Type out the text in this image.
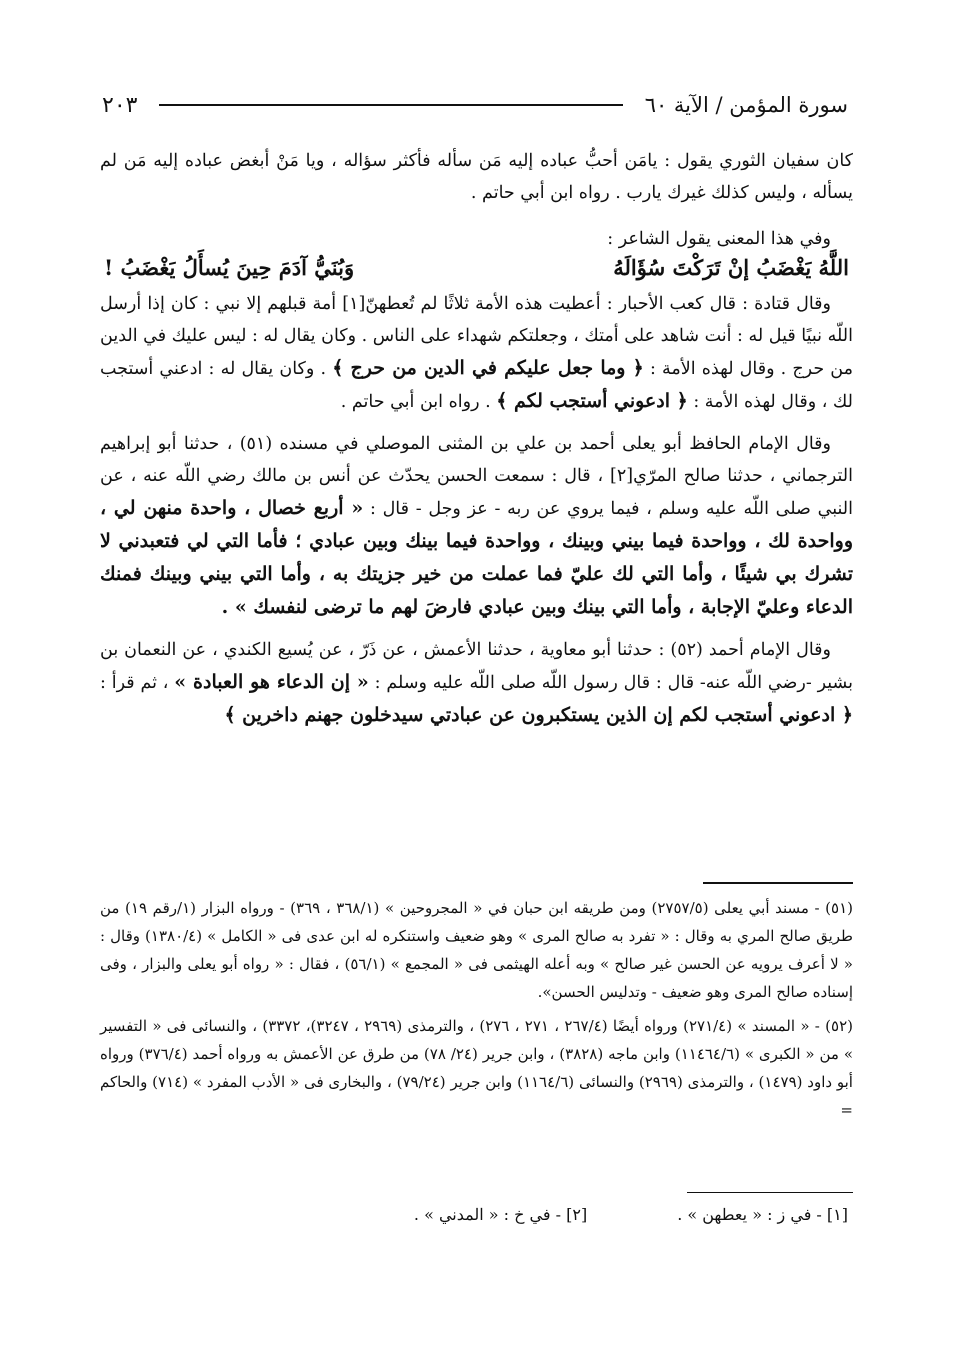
سورة المؤمن / الآية ٦٠
٢٠٣

كان سفيان الثوري يقول : يامَن أحبُّ عباده إليه مَن سأله فأكثر سؤاله ، ويا مَنْ أبغض عباده إليه مَن لم يسأله ، وليس كذلك غيرك يارب . رواه ابن أبي حاتم .

وفي هذا المعنى يقول الشاعر :

اللَّهُ يَغْضَبُ إنْ تَرَكْتَ سُؤَالَهُ
وَبُنَيُّ آدَمَ حِينَ يُسأَلُ يَغْضَبُ !

وقال قتادة : قال كعب الأحبار : أعطيت هذه الأمة ثلاثًا لم تُعطهنّ[١] أمة قبلهم إلا نبي : كان إذا أرسل اللّه نبيًا قيل له : أنت شاهد على أمتك ، وجعلتكم شهداء على الناس . وكان يقال له : ليس عليك في الدين من حرج . وقال لهذه الأمة : ﴿ وما جعل عليكم في الدين من حرج ﴾ . وكان يقال له : ادعني أستجب لك ، وقال لهذه الأمة : ﴿ ادعوني أستجب لكم ﴾ . رواه ابن أبي حاتم .

وقال الإمام الحافظ أبو يعلى أحمد بن علي بن المثنى الموصلي في مسنده (٥١) ، حدثنا أبو إبراهيم الترجماني ، حدثنا صالح المرّي[٢] ، قال : سمعت الحسن يحدّث عن أنس بن مالك رضي اللّه عنه ، عن النبي صلى اللّه عليه وسلم ، فيما يروي عن ربه - عز وجل - قال : « أربع خصال ، واحدة منهن لي ، وواحدة لك ، وواحدة فيما بيني وبينك ، وواحدة فيما بينك وبين عبادي ؛ فأما التي لي فتعبدني لا تشرك بي شيئًا ، وأما التي لك عليّ فما عملت من خير جزيتك به ، وأما التي بيني وبينك فمنك الدعاء وعليّ الإجابة ، وأما التي بينك وبين عبادي فارضَ لهم ما ترضى لنفسك » .

وقال الإمام أحمد (٥٢) : حدثنا أبو معاوية ، حدثنا الأعمش ، عن ذَرّ ، عن يُسيع الكندي ، عن النعمان بن بشير -رضي اللّه عنه- قال : قال رسول اللّه صلى اللّه عليه وسلم : « إن الدعاء هو العبادة » ، ثم قرأ : ﴿ ادعوني أستجب لكم إن الذين يستكبرون عن عبادتي سيدخلون جهنم داخرين ﴾

(٥١) - مسند أبي يعلى (٢٧٥٧/٥) ومن طريقه ابن حبان في « المجروحين » (٣٦٨/١ ، ٣٦٩) - ورواه البزار (١/رقم ١٩) من طريق صالح المري به وقال : « تفرد به صالح المرى » وهو ضعيف واستنكره له ابن عدى فى « الكامل » (١٣٨٠/٤) وقال : « لا أعرف يرويه عن الحسن غير صالح » وبه أعله الهيثمى فى « المجمع » (٥٦/١) ، فقال : « رواه أبو يعلى والبزار ، وفى إسناده صالح المرى وهو ضعيف - وتدليس الحسن».

(٥٢) - « المسند » (٢٧١/٤) ورواه أيضًا (٢٦٧/٤ ، ٢٧١ ، ٢٧٦) ، والترمذى (٢٩٦٩ ، ٣٢٤٧)، ٣٣٧٢) ، والنسائى فى « التفسير » من « الكبرى » (١١٤٦٤/٦) وابن ماجه (٣٨٢٨) ، وابن جرير (٢٤/ ٧٨) من طرق عن الأعمش به ورواه أحمد (٣٧٦/٤) ورواه أبو داود (١٤٧٩) ، والترمذى (٢٩٦٩) والنسائى (١١٦٤/٦) وابن جرير (٧٩/٢٤) ، والبخارى فى « الأدب المفرد » (٧١٤) والحاكم =

[١] - في ز : « يعطهن » .
[٢] - في خ : « المدني » .
